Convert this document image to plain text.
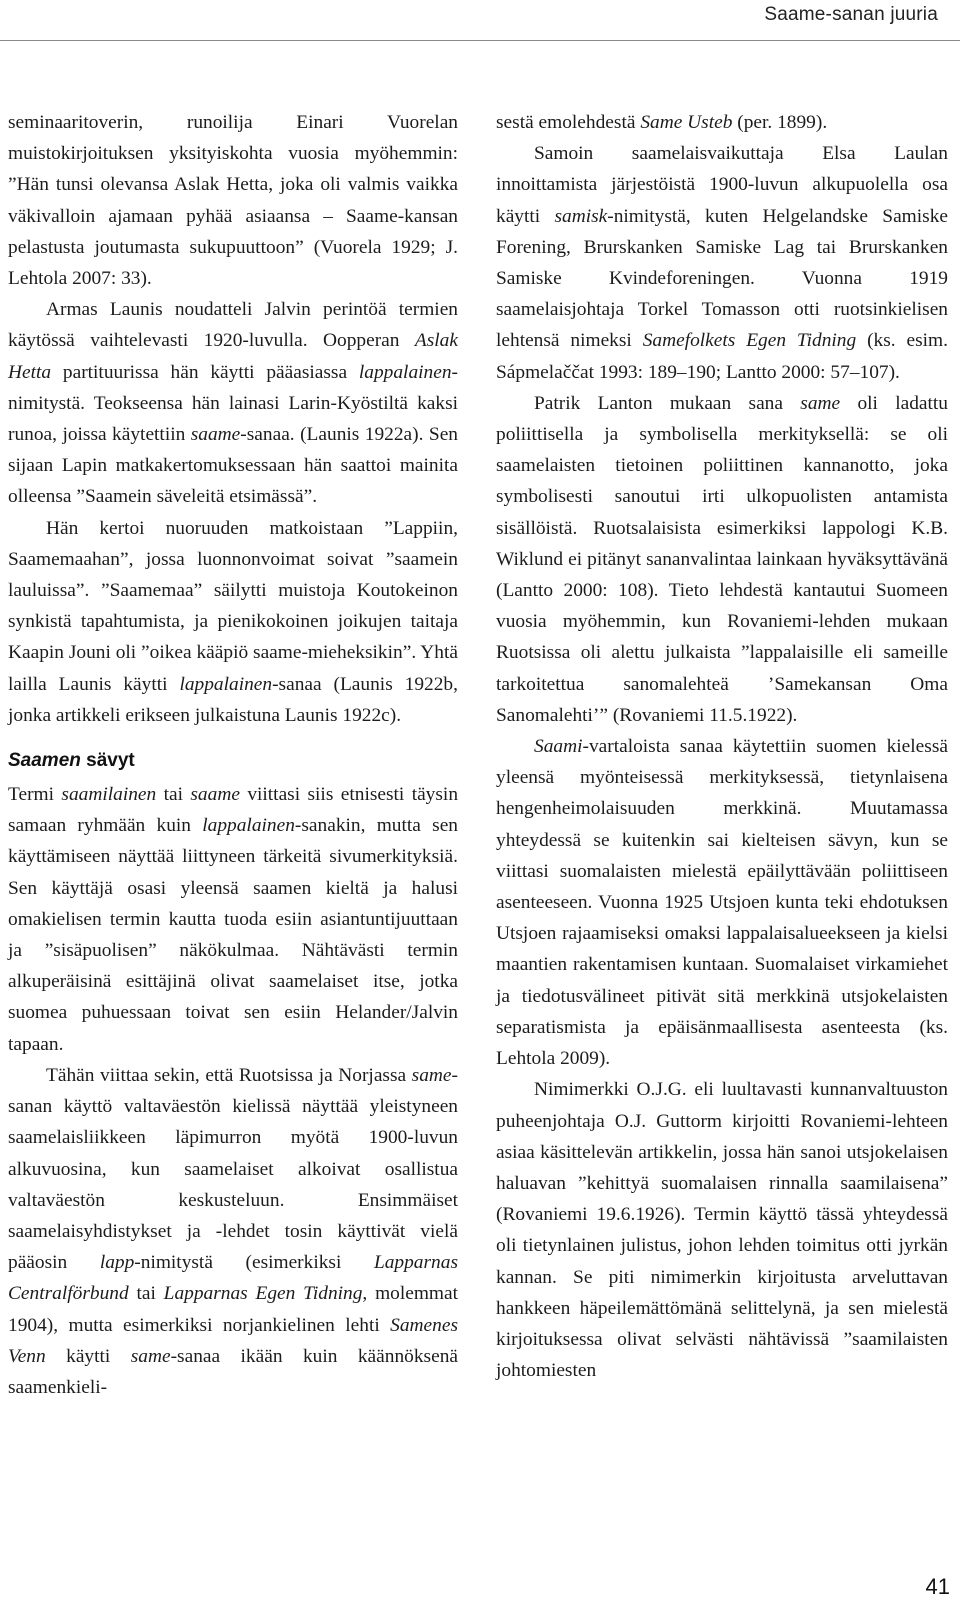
Saame-sanan juuria

seminaaritoverin, runoilija Einari Vuorelan muistokirjoituksen yksityiskohta vuosia myöhemmin: ”Hän tunsi olevansa Aslak Hetta, joka oli valmis vaikka väkivalloin ajamaan pyhää asiaansa – Saame-kansan pelastusta joutumasta sukupuuttoon” (Vuorela 1929; J. Lehtola 2007: 33).

Armas Launis noudatteli Jalvin perintöä termien käytössä vaihtelevasti 1920-luvulla. Oopperan Aslak Hetta partituurissa hän käytti pääasiassa lappalainen-nimitystä. Teokseensa hän lainasi Larin-Kyöstiltä kaksi runoa, joissa käytettiin saame-sanaa. (Launis 1922a). Sen sijaan Lapin matkakertomuksessaan hän saattoi mainita olleensa ”Saamein säveleitä etsimässä”.

Hän kertoi nuoruuden matkoistaan ”Lappiin, Saamemaahan”, jossa luonnonvoimat soivat ”saamein lauluissa”. ”Saamemaa” säilytti muistoja Koutokeinon synkistä tapahtumista, ja pienikokoinen joikujen taitaja Kaapin Jouni oli ”oikea kääpiö saame-mieheksikin”. Yhtä lailla Launis käytti lappalainen-sanaa (Launis 1922b, jonka artikkeli erikseen julkaistuna Launis 1922c).

Saamen sävyt

Termi saamilainen tai saame viittasi siis etnisesti täysin samaan ryhmään kuin lappalainen-sanakin, mutta sen käyttämiseen näyttää liittyneen tärkeitä sivumerkityksiä. Sen käyttäjä osasi yleensä saamen kieltä ja halusi omakielisen termin kautta tuoda esiin asiantuntijuuttaan ja ”sisäpuolisen” näkökulmaa. Nähtävästi termin alkuperäisinä esittäjinä olivat saamelaiset itse, jotka suomea puhuessaan toivat sen esiin Helander/Jalvin tapaan.

Tähän viittaa sekin, että Ruotsissa ja Norjassa same-sanan käyttö valtaväestön kielissä näyttää yleistyneen saamelaisliikkeen läpimurron myötä 1900-luvun alkuvuosina, kun saamelaiset alkoivat osallistua valtaväestön keskusteluun. Ensimmäiset saamelaisyhdistykset ja -lehdet tosin käyttivät vielä pääosin lapp-nimitystä (esimerkiksi Lapparnas Centralförbund tai Lapparnas Egen Tidning, molemmat 1904), mutta esimerkiksi norjankielinen lehti Samenes Venn käytti same-sanaa ikään kuin käännöksenä saamenkieli-

sestä emolehdestä Same Usteb (per. 1899).

Samoin saamelaisvaikuttaja Elsa Laulan innoittamista järjestöistä 1900-luvun alkupuolella osa käytti samisk-nimitystä, kuten Helgelandske Samiske Forening, Brurskanken Samiske Lag tai Brurskanken Samiske Kvindeforeningen. Vuonna 1919 saamelaisjohtaja Torkel Tomasson otti ruotsinkielisen lehtensä nimeksi Samefolkets Egen Tidning (ks. esim. Sápmelaččat 1993: 189–190; Lantto 2000: 57–107).

Patrik Lanton mukaan sana same oli ladattu poliittisella ja symbolisella merkityksellä: se oli saamelaisten tietoinen poliittinen kannanotto, joka symbolisesti sanoutui irti ulkopuolisten antamista sisällöistä. Ruotsalaisista esimerkiksi lappologi K.B. Wiklund ei pitänyt sananvalintaa lainkaan hyväksyttävänä (Lantto 2000: 108). Tieto lehdestä kantautui Suomeen vuosia myöhemmin, kun Rovaniemi-lehden mukaan Ruotsissa oli alettu julkaista ”lappalaisille eli sameille tarkoitettua sanomalehteä ’Samekansan Oma Sanomalehti’” (Rovaniemi 11.5.1922).

Saami-vartaloista sanaa käytettiin suomen kielessä yleensä myönteisessä merkityksessä, tietynlaisena hengenheimolaisuuden merkkinä. Muutamassa yhteydessä se kuitenkin sai kielteisen sävyn, kun se viittasi suomalaisten mielestä epäilyttävään poliittiseen asenteeseen. Vuonna 1925 Utsjoen kunta teki ehdotuksen Utsjoen rajaamiseksi omaksi lappalaisalueekseen ja kielsi maantien rakentamisen kuntaan. Suomalaiset virkamiehet ja tiedotusvälineet pitivät sitä merkkinä utsjokelaisten separatismista ja epäisänmaallisesta asenteesta (ks. Lehtola 2009).

Nimimerkki O.J.G. eli luultavasti kunnanvaltuuston puheenjohtaja O.J. Guttorm kirjoitti Rovaniemi-lehteen asiaa käsittelevän artikkelin, jossa hän sanoi utsjokelaisen haluavan ”kehittyä suomalaisen rinnalla saamilaisena” (Rovaniemi 19.6.1926). Termin käyttö tässä yhteydessä oli tietynlainen julistus, johon lehden toimitus otti jyrkän kannan. Se piti nimimerkin kirjoitusta arveluttavan hankkeen häpeilemättömänä selittelynä, ja sen mielestä kirjoituksessa olivat selvästi nähtävissä ”saamilaisten johtomiesten

41
